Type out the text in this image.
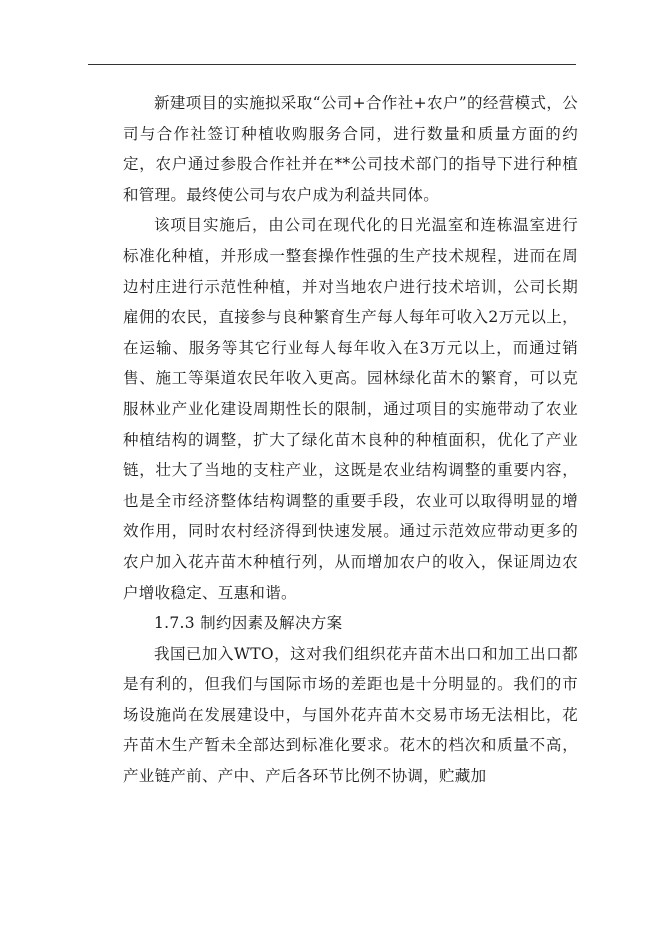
新建项目的实施拟采取“公司+合作社+农户”的经营模式，公司与合作社签订种植收购服务合同，进行数量和质量方面的约定，农户通过参股合作社并在**公司技术部门的指导下进行种植和管理。最终使公司与农户成为利益共同体。

该项目实施后，由公司在现代化的日光温室和连栋温室进行标准化种植，并形成一整套操作性强的生产技术规程，进而在周边村庄进行示范性种植，并对当地农户进行技术培训，公司长期雇佣的农民，直接参与良种繁育生产每人每年可收入2万元以上，在运输、服务等其它行业每人每年收入在3万元以上，而通过销售、施工等渠道农民年收入更高。园林绿化苗木的繁育，可以克服林业产业化建设周期性长的限制，通过项目的实施带动了农业种植结构的调整，扩大了绿化苗木良种的种植面积，优化了产业链，壮大了当地的支柱产业，这既是农业结构调整的重要内容，也是全市经济整体结构调整的重要手段，农业可以取得明显的增效作用，同时农村经济得到快速发展。通过示范效应带动更多的农户加入花卉苗木种植行列，从而增加农户的收入，保证周边农户增收稳定、互惠和谐。

1.7.3 制约因素及解决方案

我国已加入WTO，这对我们组织花卉苗木出口和加工出口都是有利的，但我们与国际市场的差距也是十分明显的。我们的市场设施尚在发展建设中，与国外花卉苗木交易市场无法相比，花卉苗木生产暂未全部达到标准化要求。花木的档次和质量不高，产业链产前、产中、产后各环节比例不协调，贮藏加
